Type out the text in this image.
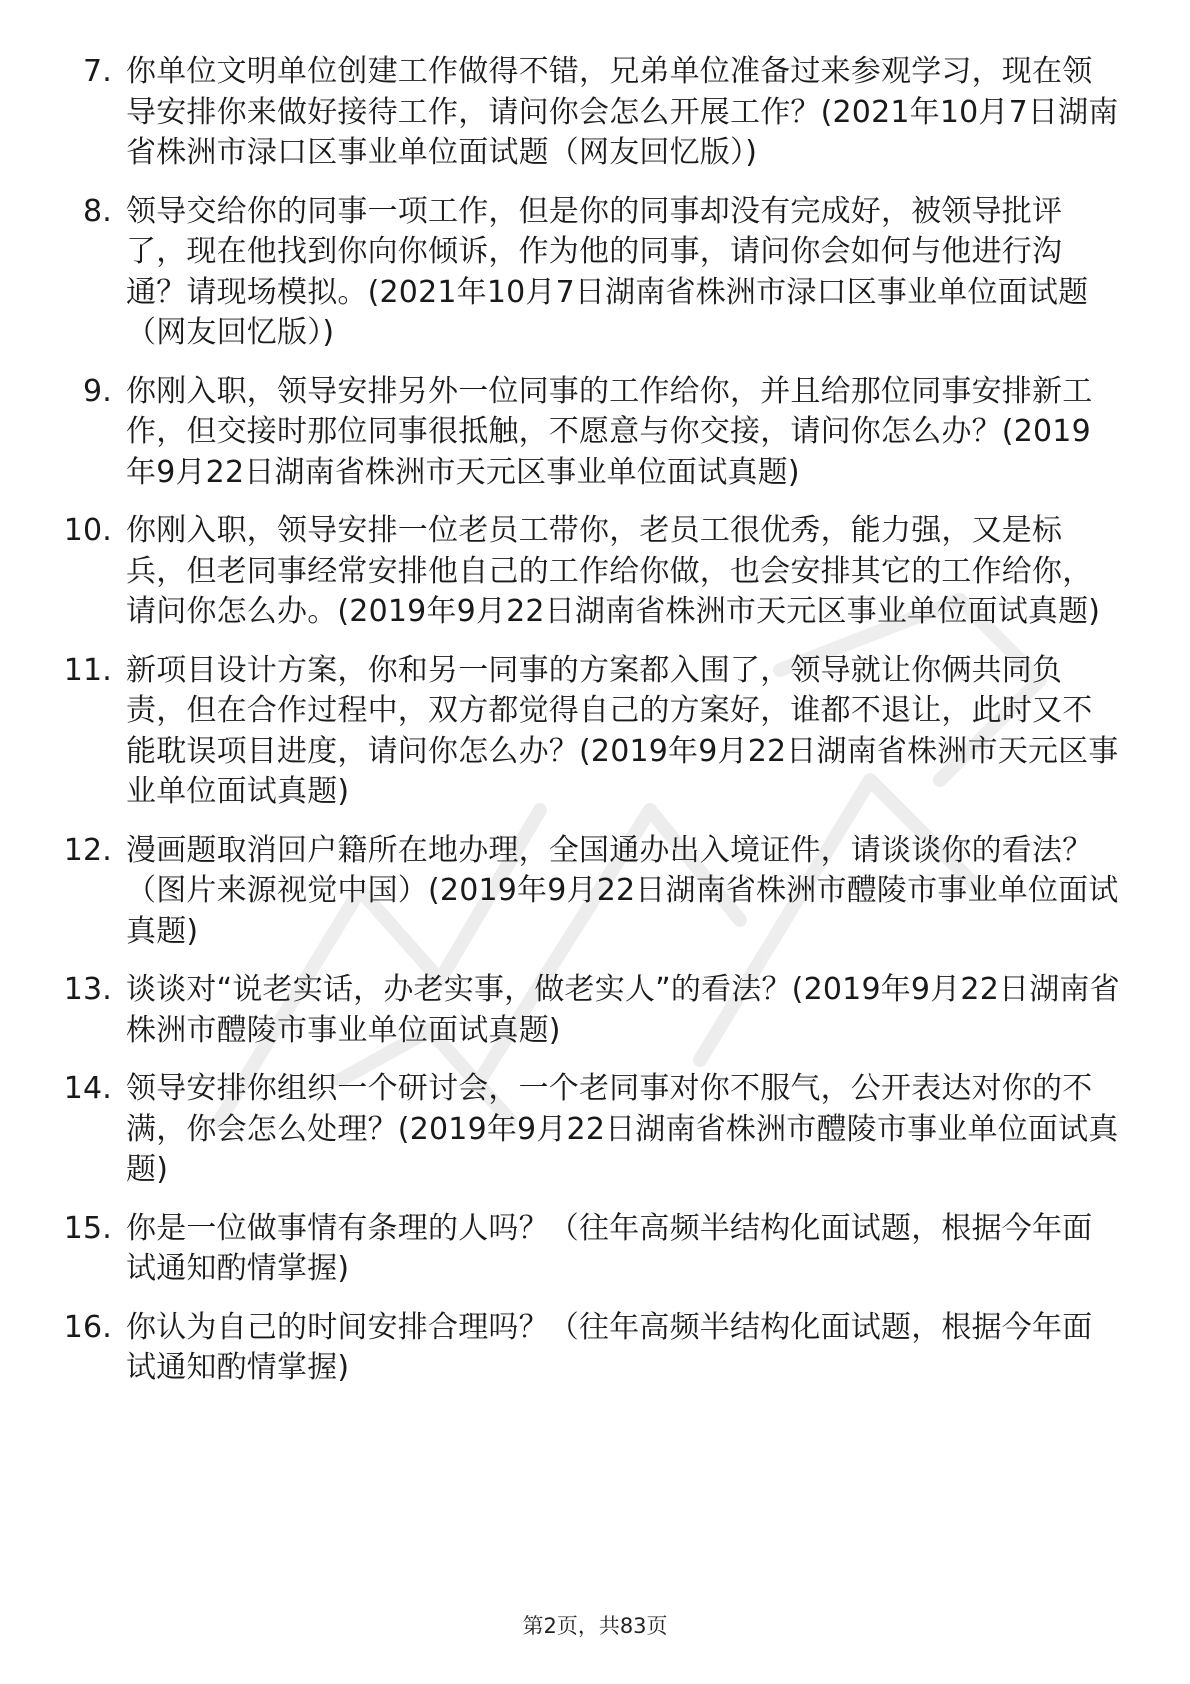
7. 你单位文明单位创建工作做得不错，兄弟单位准备过来参观学习，现在领导安排你来做好接待工作，请问你会怎么开展工作？(2021年10月7日湖南省株洲市渌口区事业单位面试题（网友回忆版）)
8. 领导交给你的同事一项工作，但是你的同事却没有完成好，被领导批评了，现在他找到你向你倾诉，作为他的同事，请问你会如何与他进行沟通？请现场模拟。(2021年10月7日湖南省株洲市渌口区事业单位面试题（网友回忆版）)
9. 你刚入职，领导安排另外一位同事的工作给你，并且给那位同事安排新工作，但交接时那位同事很抵触，不愿意与你交接，请问你怎么办？(2019年9月22日湖南省株洲市天元区事业单位面试真题)
10. 你刚入职，领导安排一位老员工带你，老员工很优秀，能力强，又是标兵，但老同事经常安排他自己的工作给你做，也会安排其它的工作给你，请问你怎么办。(2019年9月22日湖南省株洲市天元区事业单位面试真题)
11. 新项目设计方案，你和另一同事的方案都入围了，领导就让你俩共同负责，但在合作过程中，双方都觉得自己的方案好，谁都不退让，此时又不能耽误项目进度，请问你怎么办？(2019年9月22日湖南省株洲市天元区事业单位面试真题)
12. 漫画题取消回户籍所在地办理，全国通办出入境证件，请谈谈你的看法？（图片来源视觉中国）(2019年9月22日湖南省株洲市醴陵市事业单位面试真题)
13. 谈谈对“说老实话，办老实事，做老实人”的看法？(2019年9月22日湖南省株洲市醴陵市事业单位面试真题)
14. 领导安排你组织一个研讨会，一个老同事对你不服气，公开表达对你的不满，你会怎么处理？(2019年9月22日湖南省株洲市醴陵市事业单位面试真题)
15. 你是一位做事情有条理的人吗？（往年高频半结构化面试题，根据今年面试通知酌情掌握)
16. 你认为自己的时间安排合理吗？（往年高频半结构化面试题，根据今年面试通知酌情掌握)
第2页，共83页
